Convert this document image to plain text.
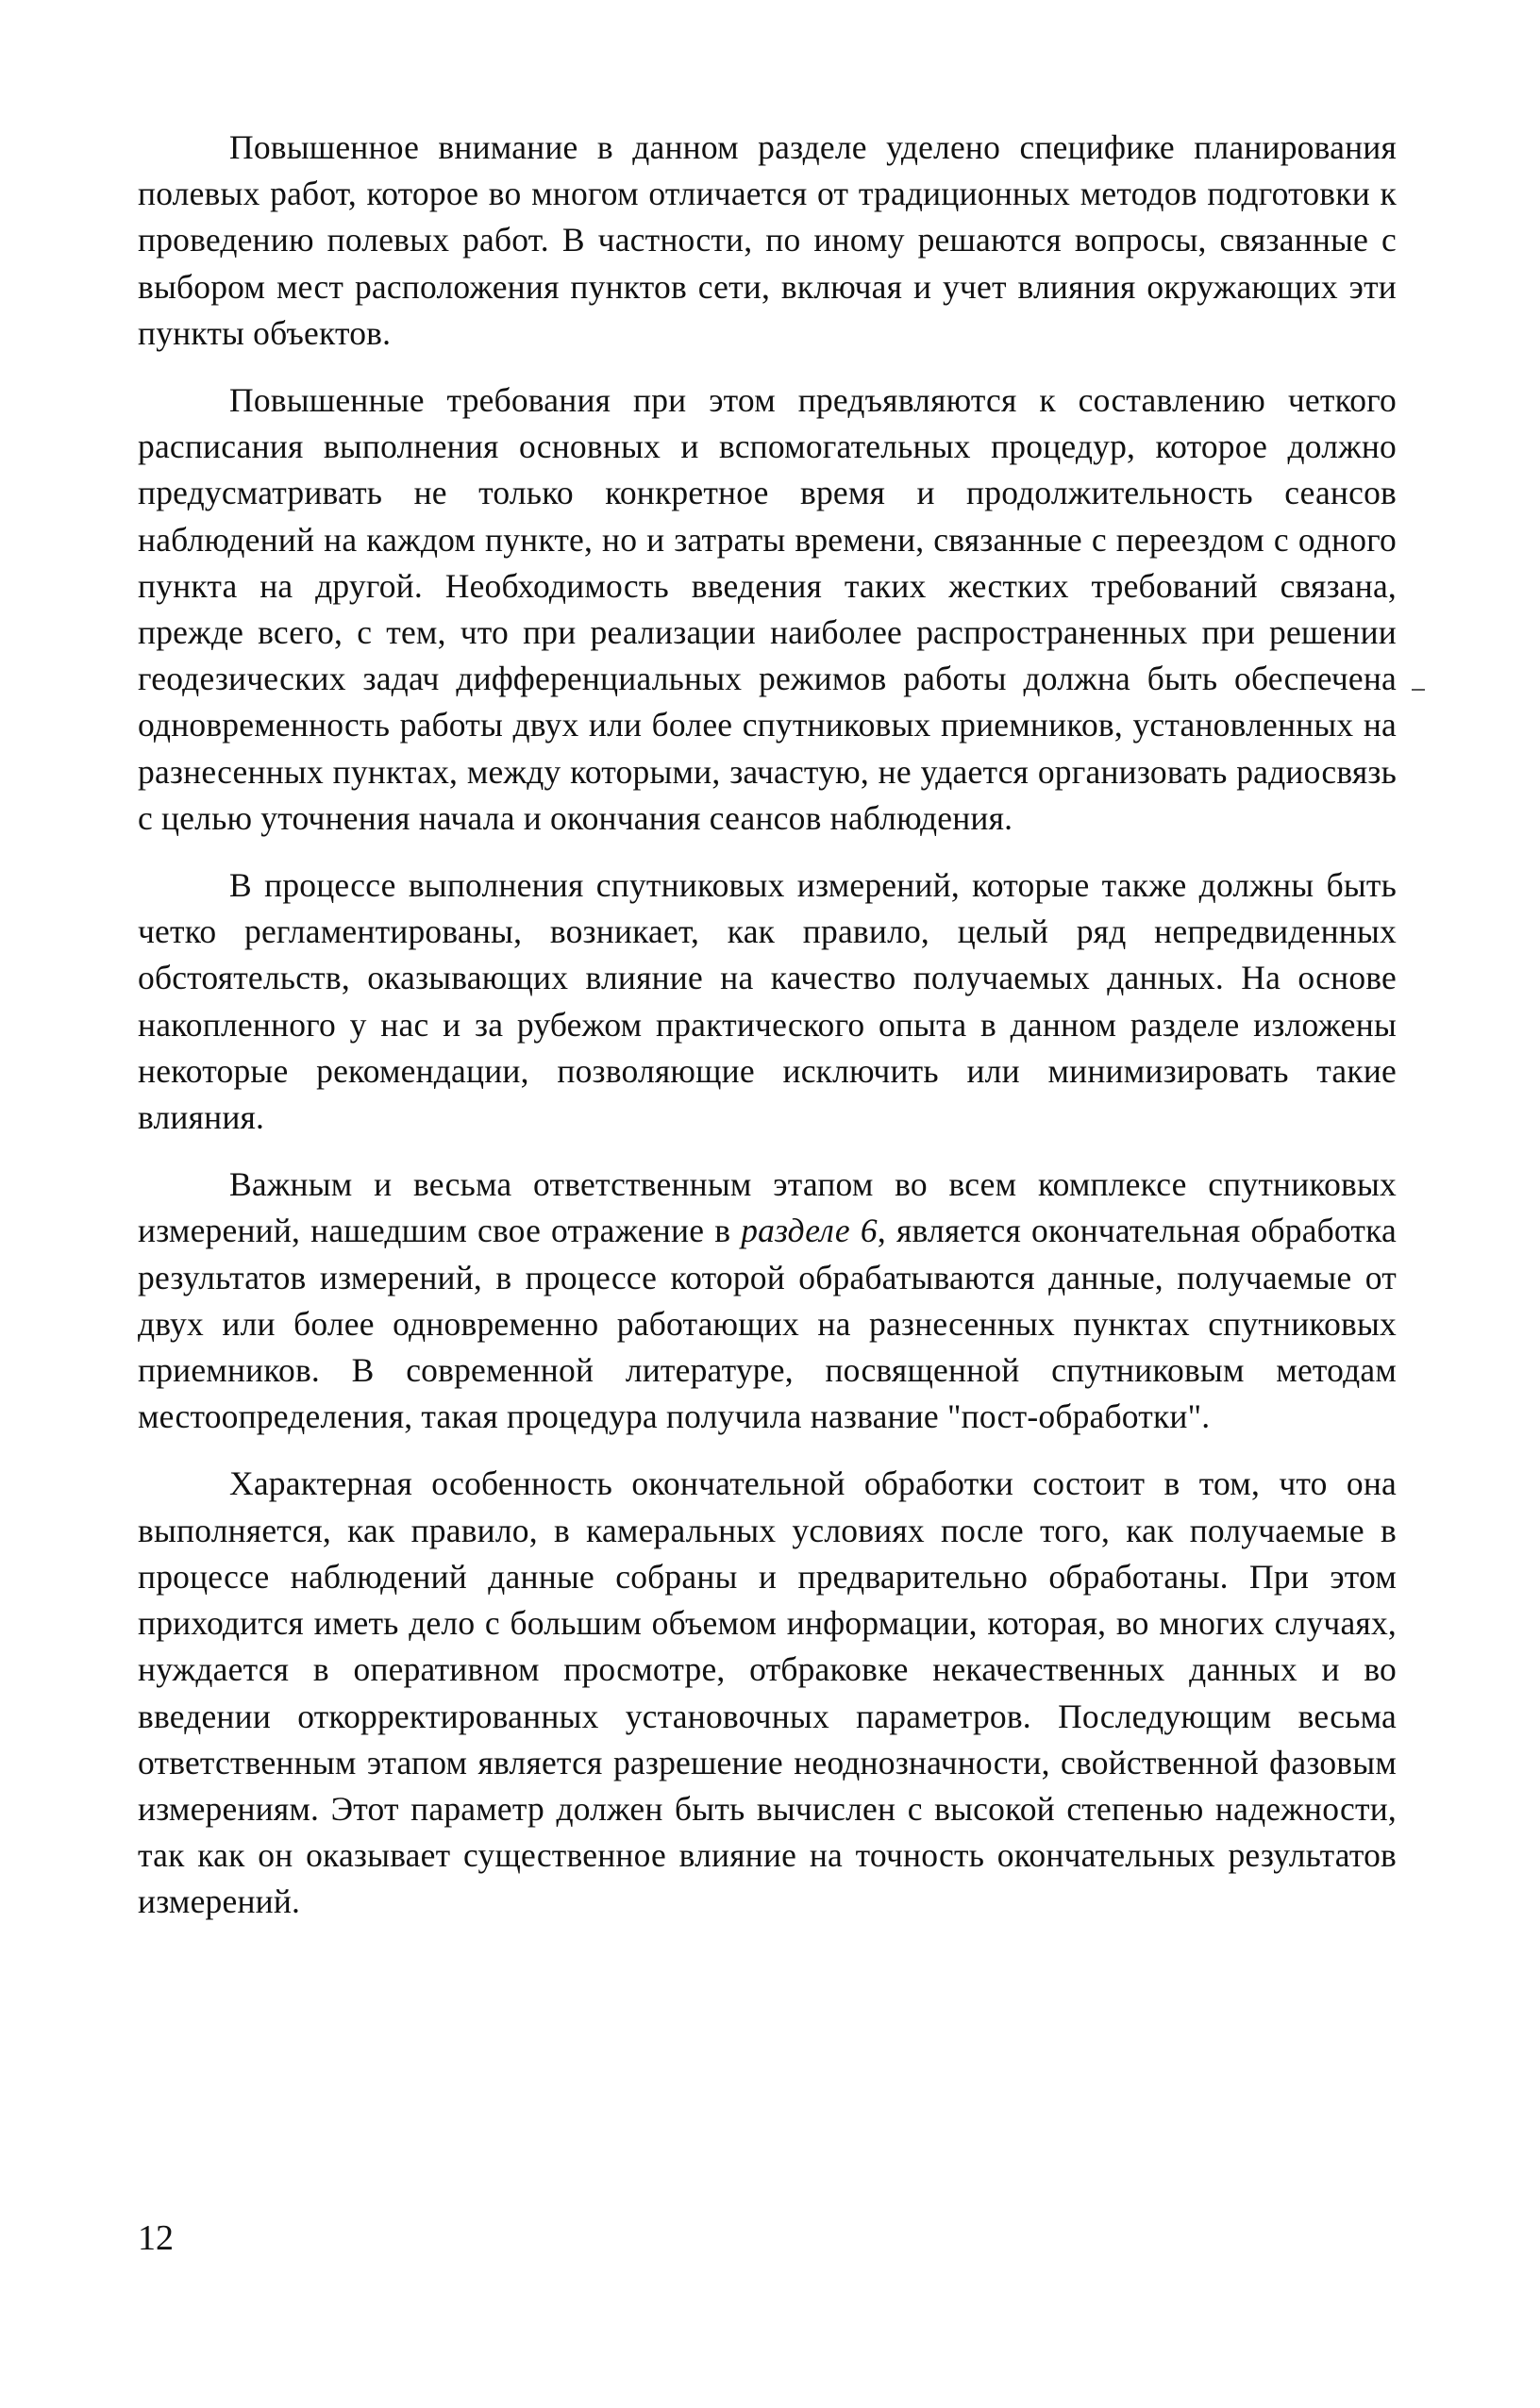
Повышенное внимание в данном разделе уделено специфике планирования полевых работ, которое во многом отличается от традиционных методов подготовки к проведению полевых работ. В частности, по иному решаются вопросы, связанные с выбором мест расположения пунктов сети, включая и учет влияния окружающих эти пункты объектов.

Повышенные требования при этом предъявляются к составлению четкого расписания выполнения основных и вспомогательных процедур, которое должно предусматривать не только конкретное время и продолжительность сеансов наблюдений на каждом пункте, но и затраты времени, связанные с переездом с одного пункта на другой. Необходимость введения таких жестких требований связана, прежде всего, с тем, что при реализации наиболее распространенных при решении геодезических задач дифференциальных режимов работы должна быть обеспечена одновременность работы двух или более спутниковых приемников, установленных на разнесенных пунктах, между которыми, зачастую, не удается организовать радиосвязь с целью уточнения начала и окончания сеансов наблюдения.

В процессе выполнения спутниковых измерений, которые также должны быть четко регламентированы, возникает, как правило, целый ряд непредвиденных обстоятельств, оказывающих влияние на качество получаемых данных. На основе накопленного у нас и за рубежом практического опыта в данном разделе изложены некоторые рекомендации, позволяющие исключить или минимизировать такие влияния.

Важным и весьма ответственным этапом во всем комплексе спутниковых измерений, нашедшим свое отражение в разделе 6, является окончательная обработка результатов измерений, в процессе которой обрабатываются данные, получаемые от двух или более одновременно работающих на разнесенных пунктах спутниковых приемников. В современной литературе, посвященной спутниковым методам местоопределения, такая процедура получила название "пост-обработки".

Характерная особенность окончательной обработки состоит в том, что она выполняется, как правило, в камеральных условиях после того, как получаемые в процессе наблюдений данные собраны и предварительно обработаны. При этом приходится иметь дело с большим объемом информации, которая, во многих случаях, нуждается в оперативном просмотре, отбраковке некачественных данных и во введении откорректированных установочных параметров. Последующим весьма ответственным этапом является разрешение неоднозначности, свойственной фазовым измерениям. Этот параметр должен быть вычислен с высокой степенью надежности, так как он оказывает существенное влияние на точность окончательных результатов измерений.

12
